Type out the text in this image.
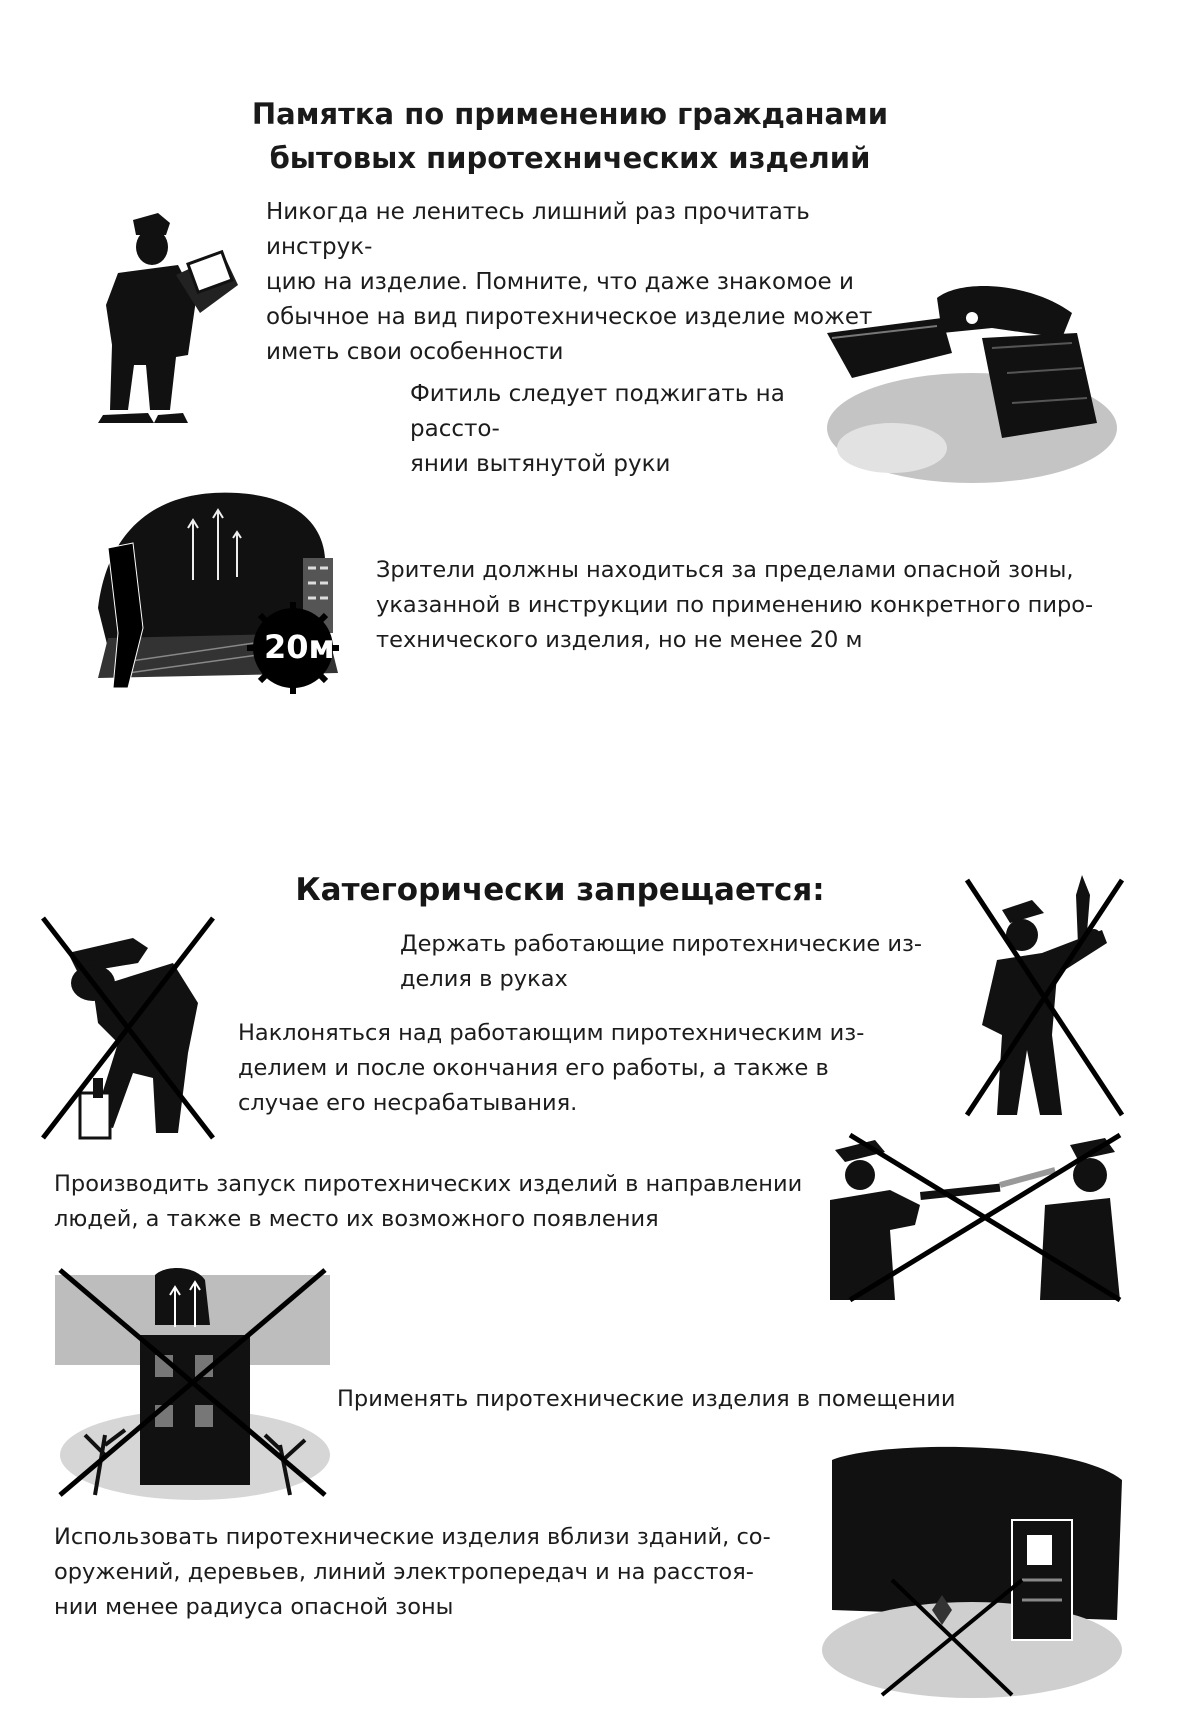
Памятка по применению гражданами
бытовых пиротехнических изделий
Никогда не ленитесь лишний раз прочитать инструк-
цию на изделие. Помните, что даже знакомое и
обычное на вид пиротехническое изделие может
иметь свои особенности
Фитиль следует поджигать на рассто-
янии вытянутой руки
20м
Зрители должны находиться за пределами опасной зоны,
указанной в инструкции по применению конкретного пиро-
технического изделия, но не менее 20 м
Категорически запрещается:
Держать работающие пиротехнические из-
делия в руках
Наклоняться над работающим пиротехническим из-
делием и после окончания его работы, а также в
случае его несрабатывания.
Производить запуск пиротехнических изделий в направлении
людей, а также в место их возможного появления
Применять пиротехнические изделия в помещении
Использовать пиротехнические изделия вблизи зданий, со-
оружений, деревьев, линий электропередач и на расстоя-
нии менее радиуса опасной зоны
